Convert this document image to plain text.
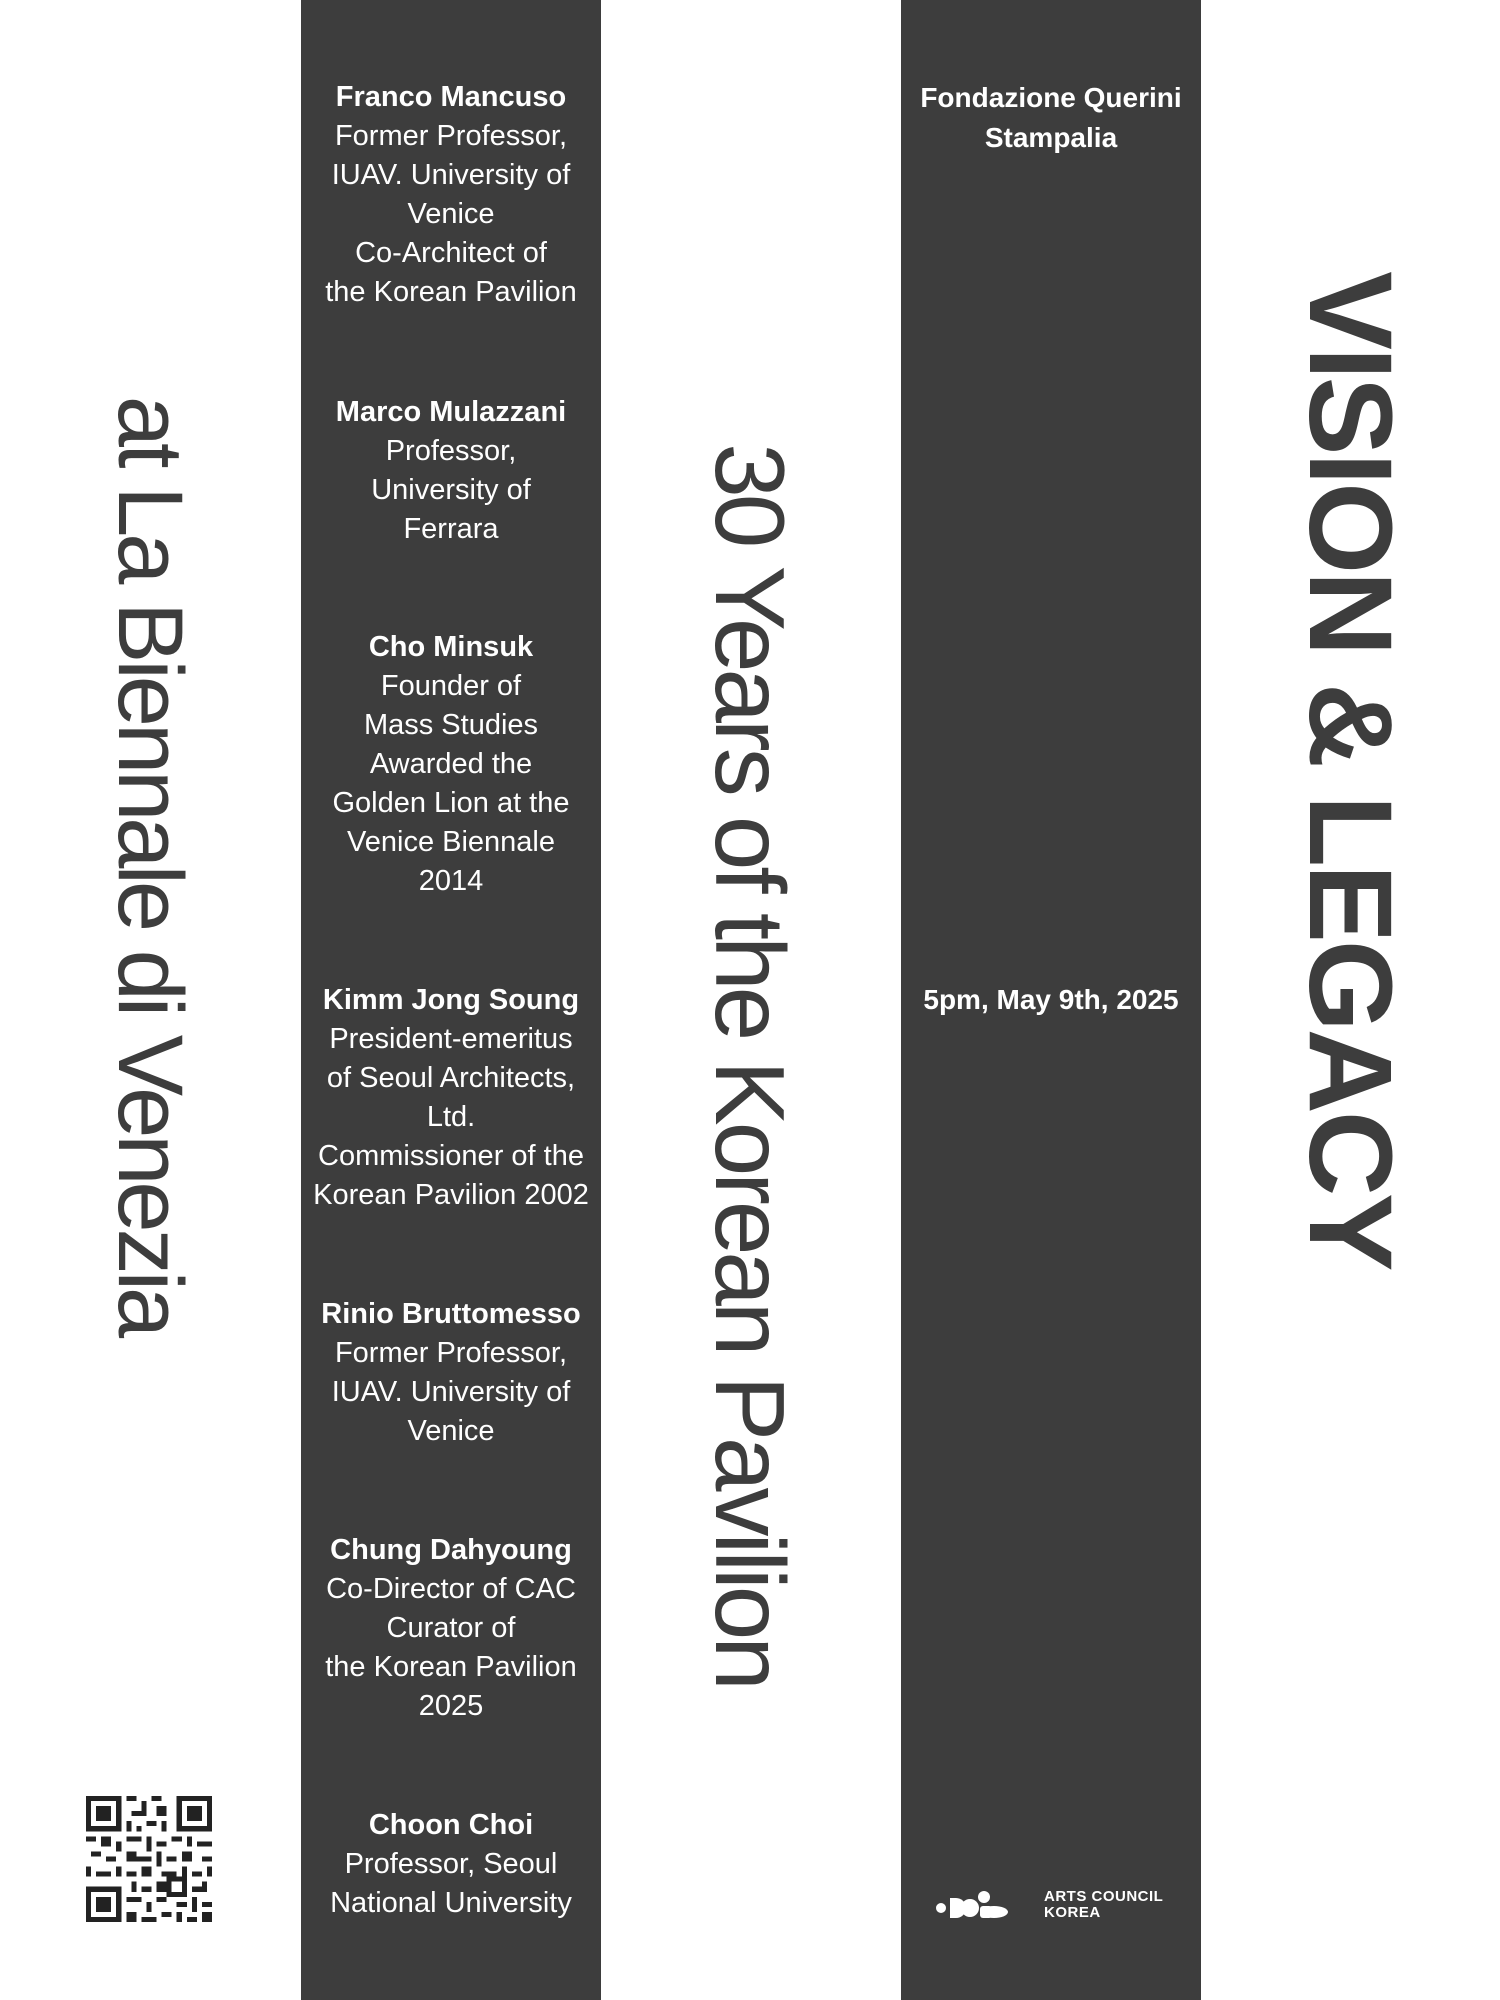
at La Biennale di Venezia	30 Years of the Korean Pavilion	VISION & LEGACY
Franco Mancuso
Former Professor,
IUAV. University of
Venice
Co-Architect of
the Korean Pavilion
Marco Mulazzani
Professor,
University of
Ferrara
Cho Minsuk
Founder of
Mass Studies
Awarded the
Golden Lion at the
Venice Biennale
2014
Kimm Jong Soung
President-emeritus
of Seoul Architects,
Ltd.
Commissioner of the
Korean Pavilion 2002
Rinio Bruttomesso
Former Professor,
IUAV. University of
Venice
Chung Dahyoung
Co-Director of CAC
Curator of
the Korean Pavilion
2025
Choon Choi
Professor, Seoul
National University
Fondazione Querini Stampalia
5pm, May 9th, 2025
ARTS COUNCIL
KOREA
